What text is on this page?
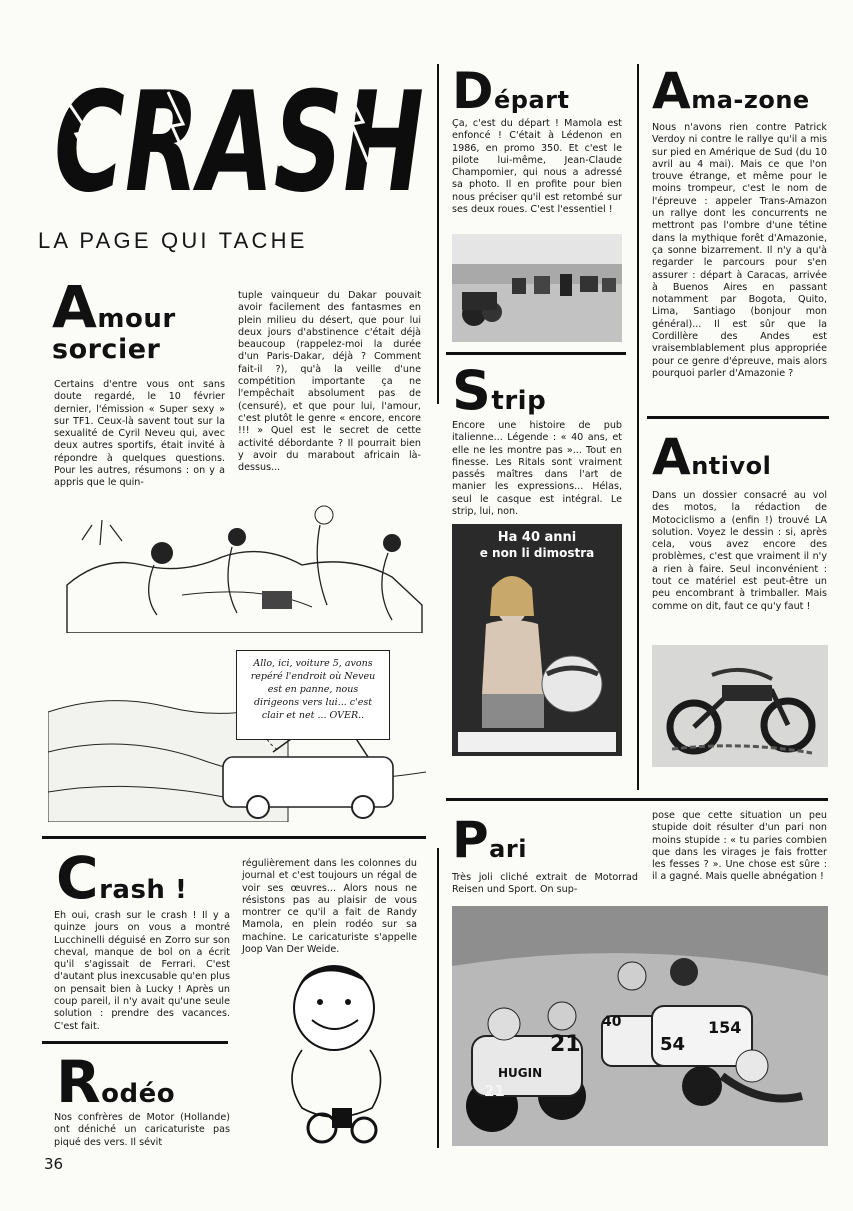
CRASH
LA PAGE QUI TACHE
Amour
sorcier
Certains d'entre vous ont sans doute regardé, le 10 février dernier, l'émission « Super sexy » sur TF1. Ceux-là savent tout sur la sexualité de Cyril Neveu qui, avec deux autres sportifs, était invité à répondre à quelques questions. Pour les autres, résumons : on y a appris que le quin-
tuple vainqueur du Dakar pouvait avoir facilement des fantasmes en plein milieu du désert, que pour lui deux jours d'abstinence c'était déjà beaucoup (rappelez-moi la durée d'un Paris-Dakar, déjà ? Comment fait-il ?), qu'à la veille d'une compétition importante ça ne l'empêchait absolument pas de (censuré), et que pour lui, l'amour, c'est plutôt le genre « encore, encore !!! » Quel est le secret de cette activité débordante ? Il pourrait bien y avoir du marabout africain là-dessus...
Allo, ici, voiture 5, avons repéré l'endroit où Neveu est en panne, nous dirigeons vers lui... c'est clair et net ... OVER..
Crash !
Eh oui, crash sur le crash ! Il y a quinze jours on vous a montré Lucchinelli déguisé en Zorro sur son cheval, manque de bol on a écrit qu'il s'agissait de Ferrari. C'est d'autant plus inexcusable qu'en plus on pensait bien à Lucky ! Après un coup pareil, il n'y avait qu'une seule solution : prendre des vacances. C'est fait.
régulièrement dans les colonnes du journal et c'est toujours un régal de voir ses œuvres... Alors nous ne résistons pas au plaisir de vous montrer ce qu'il a fait de Randy Mamola, en plein rodéo sur sa machine. Le caricaturiste s'appelle Joop Van Der Weide.
Rodéo
Nos confrères de Motor (Hollande) ont déniché un caricaturiste pas piqué des vers. Il sévit
36
Départ
Ça, c'est du départ ! Mamola est enfoncé ! C'était à Lédenon en 1986, en promo 350. Et c'est le pilote lui-même, Jean-Claude Champomier, qui nous a adressé sa photo. Il en profite pour bien nous préciser qu'il est retombé sur ses deux roues. C'est l'essentiel !
Strip
Encore une histoire de pub italienne... Légende : « 40 ans, et elle ne les montre pas »... Tout en finesse. Les Ritals sont vraiment passés maîtres dans l'art de manier les expressions... Hélas, seul le casque est intégral. Le strip, lui, non.
Ha 40 anni
e non li dimostra
Ama-zone
Nous n'avons rien contre Patrick Verdoy ni contre le rallye qu'il a mis sur pied en Amérique de Sud (du 10 avril au 4 mai). Mais ce que l'on trouve étrange, et même pour le moins trompeur, c'est le nom de l'épreuve : appeler Trans-Amazon un rallye dont les concurrents ne mettront pas l'ombre d'une tétine dans la mythique forêt d'Amazonie, ça sonne bizarrement. Il n'y a qu'à regarder le parcours pour s'en assurer : départ à Caracas, arrivée à Buenos Aires en passant notamment par Bogota, Quito, Lima, Santiago (bonjour mon général)... Il est sûr que la Cordillère des Andes est vraisemblablement plus appropriée pour ce genre d'épreuve, mais alors pourquoi parler d'Amazonie ?
Antivol
Dans un dossier consacré au vol des motos, la rédaction de Motociclismo a (enfin !) trouvé LA solution. Voyez le dessin : si, après cela, vous avez encore des problèmes, c'est que vraiment il n'y a rien à faire. Seul inconvénient : tout ce matériel est peut-être un peu encombrant à trimballer. Mais comme on dit, faut ce qu'y faut !
Pari
Très joli cliché extrait de Motorrad Reisen und Sport. On sup-
pose que cette situation un peu stupide doit résulter d'un pari non moins stupide : « tu paries combien que dans les virages je fais frotter les fesses ? ». Une chose est sûre : il a gagné. Mais quelle abnégation !
21
40	154
54
21
HUGIN
